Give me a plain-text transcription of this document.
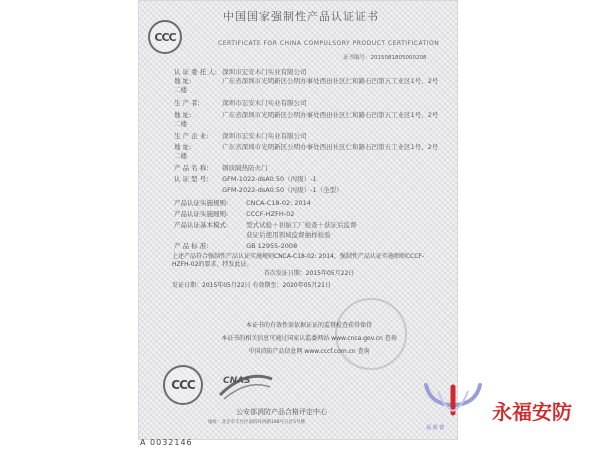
CCC
中国国家强制性产品认证证书
CERTIFICATE FOR CHINA COMPULSORY PRODUCT CERTIFICATION
证书编号：2015081805000208
认 证 委 托 人: 深圳市宏安木门实业有限公司
地 址:	广东省深圳市光明新区公明办事处西田社区仁和路石凹第五工业区1号、2号二楼
生 产 者:	深圳市宏安木门实业有限公司
地 址:	广东省深圳市光明新区公明办事处西田社区仁和路石凹第五工业区1号、2号二楼
生 产 企 业: 深圳市宏安木门实业有限公司
地 址:	广东省深圳市光明新区公明办事处西田社区仁和路石凹第五工业区1号、2号二楼
产 品 名 称: 钢质隔热防火门
认 证 型 号: GFM-1022-dsA0.50（丙级）-1
GFM-2022-dsA0.50（丙级）-1（全型）
产品认证实施规则:	CNCA-C18-02: 2014
产品认证实施细则:	CCCF-HZFH-02
产品认证基本模式:	型式试验＋初始工厂检查＋获证后监督
获证后使用领域监督抽样检验
产 品 标 准:	GB 12955-2008
上述产品符合强制性产品认证实施规则CNCA-C18-02: 2014，强制性产品认证实施细则CCCF-HZFH-02的要求，特发此证。
首次发证日期：2015年05月22日
发证日期：2015年05月22日 有效期至：2020年05月21日
本证书的有效性需依据证证的监督检查获得保持
本证书的相关信息可通过国家认监委网站 www.cnca.gov.cn 查询
中国消防产品信息网 www.cccf.com.cn 查询
CCC	CNAS
公安部消防产品合格评定中心
地址：北京市丰台区南四环西路188号五区5号楼
A 0032146
永福安防
福 源 德
